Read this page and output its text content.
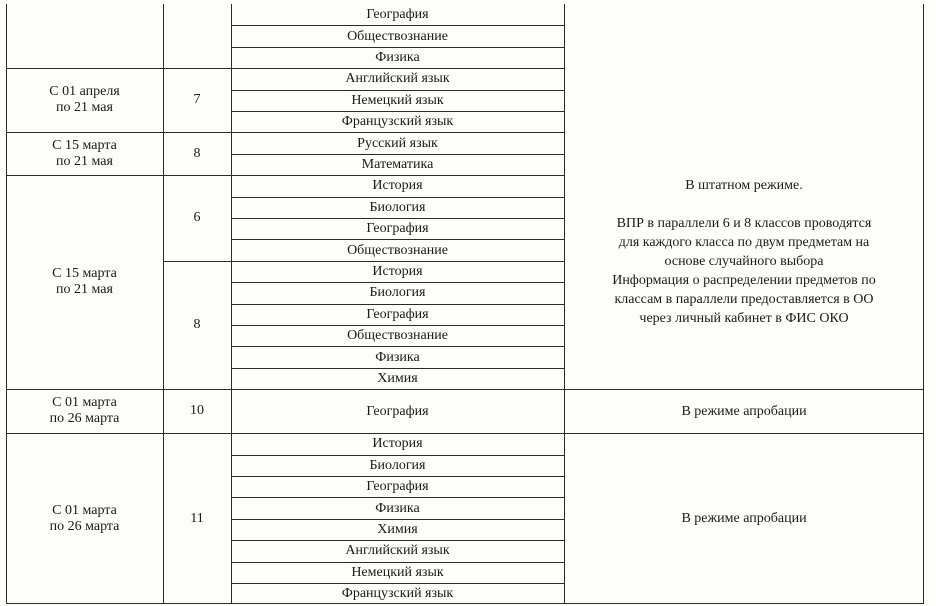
География
Обществознание
Физика
Английский язык
Немецкий язык
Французский язык
7
С 01 апреля
по 21 мая
Русский язык
Математика
8
С 15 марта
по 21 мая
История
Биология
География
Обществознание
6
История
Биология
География
Обществознание
Физика
Химия
8
С 15 марта
по 21 мая
География
10
С 01 марта
по 26 марта
История
Биология
География
Физика
Химия
Английский язык
Немецкий язык
Французский язык
11
С 01 марта
по 26 марта
В штатном режиме.
ВПР в параллели 6 и 8 классов проводятся
для каждого класса по двум предметам на
основе случайного выбора
Информация о распределении предметов по
классам в параллели предоставляется в ОО
через личный кабинет в ФИС ОКО
В режиме апробации
В режиме апробации
